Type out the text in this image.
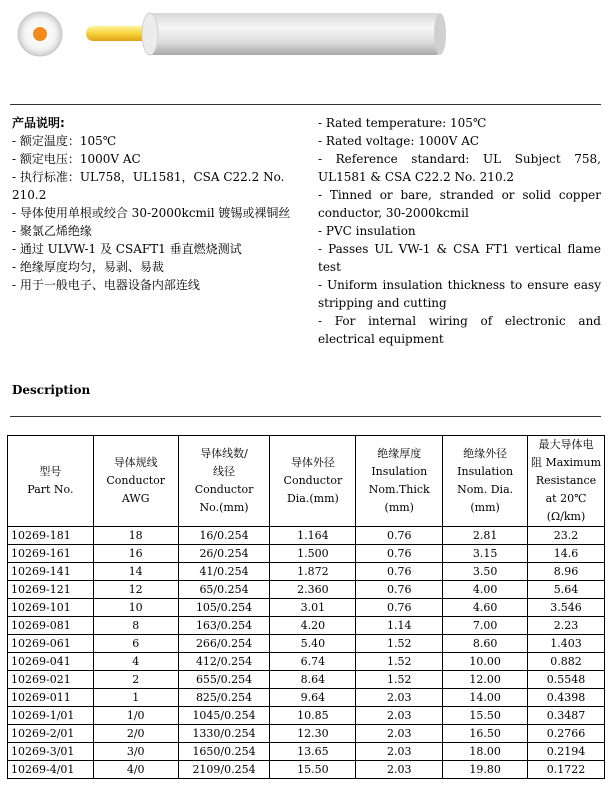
产品说明:
- 额定温度：105℃
- 额定电压：1000V AC
- 执行标准：UL758，UL1581，CSA C22.2 No. 210.2
- 导体使用单根或绞合 30-2000kcmil 镀锡或裸铜丝
- 聚氯乙烯绝缘
- 通过 ULVW-1 及 CSAFT1 垂直燃烧测试
- 绝缘厚度均匀，易剥、易裁
- 用于一般电子、电器设备内部连线
- Rated temperature: 105℃
- Rated voltage: 1000V AC
- Reference standard: UL Subject 758, UL1581 & CSA C22.2 No. 210.2
- Tinned or bare, stranded or solid copper conductor, 30-2000kcmil
- PVC insulation
- Passes UL VW-1 & CSA FT1 vertical flame test
- Uniform insulation thickness to ensure easy stripping and cutting
- For internal wiring of electronic and electrical equipment
Description
型号
Part No.	导体规线
Conductor
AWG	导体线数/
线径
Conductor
No.(mm)	导体外径
Conductor
Dia.(mm)	绝缘厚度
Insulation
Nom.Thick
(mm)	绝缘外径
Insulation
Nom. Dia.
(mm)	最大导体电
阻 Maximum
Resistance
at 20℃
(Ω/km)

10269-181	18	16/0.254	1.164	0.76	2.81	23.2
10269-161	16	26/0.254	1.500	0.76	3.15	14.6
10269-141	14	41/0.254	1.872	0.76	3.50	8.96
10269-121	12	65/0.254	2.360	0.76	4.00	5.64
10269-101	10	105/0.254	3.01	0.76	4.60	3.546
10269-081	8	163/0.254	4.20	1.14	7.00	2.23
10269-061	6	266/0.254	5.40	1.52	8.60	1.403
10269-041	4	412/0.254	6.74	1.52	10.00	0.882
10269-021	2	655/0.254	8.64	1.52	12.00	0.5548
10269-011	1	825/0.254	9.64	2.03	14.00	0.4398
10269-1/01	1/0	1045/0.254	10.85	2.03	15.50	0.3487
10269-2/01	2/0	1330/0.254	12.30	2.03	16.50	0.2766
10269-3/01	3/0	1650/0.254	13.65	2.03	18.00	0.2194
10269-4/01	4/0	2109/0.254	15.50	2.03	19.80	0.1722
